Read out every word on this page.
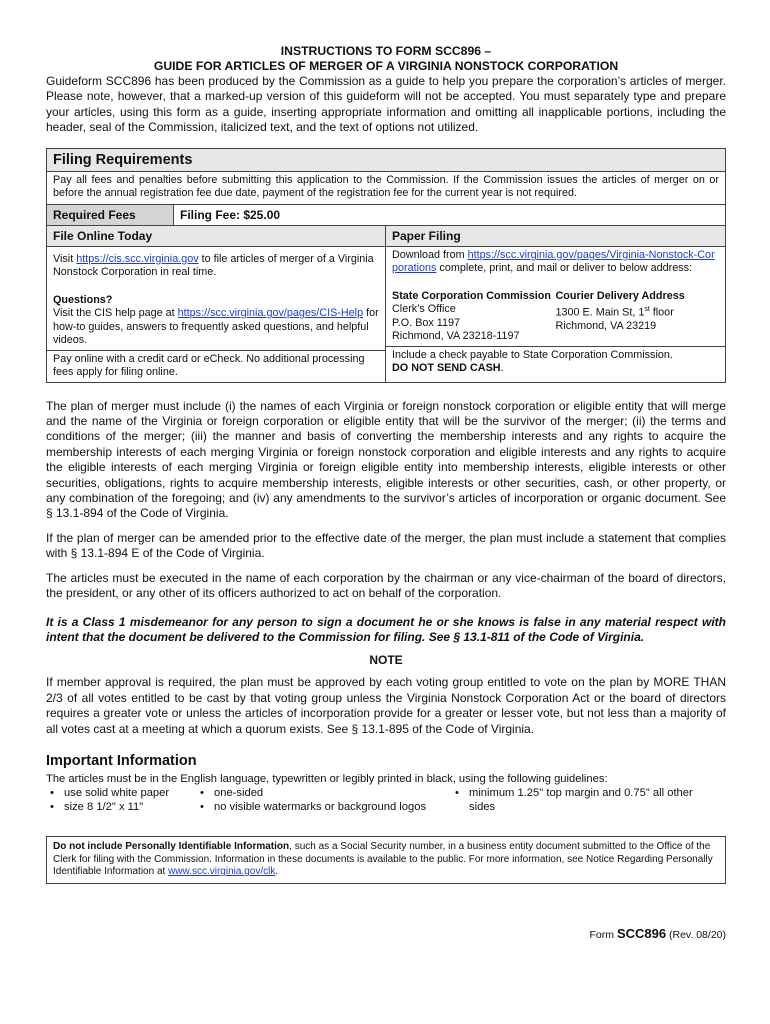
INSTRUCTIONS TO FORM SCC896 –
GUIDE FOR ARTICLES OF MERGER OF A VIRGINIA NONSTOCK CORPORATION

Guideform SCC896 has been produced by the Commission as a guide to help you prepare the corporation’s articles of merger. Please note, however, that a marked-up version of this guideform will not be accepted. You must separately type and prepare your articles, using this form as a guide, inserting appropriate information and omitting all inapplicable portions, including the header, seal of the Commission, italicized text, and the text of options not utilized.

Filing Requirements
Pay all fees and penalties before submitting this application to the Commission. If the Commission issues the articles of merger on or before the annual registration fee due date, payment of the registration fee for the current year is not required.
Required Fees	Filing Fee: $25.00
File Online Today
Visit https://cis.scc.virginia.gov to file articles of merger of a Virginia Nonstock Corporation in real time.
Questions?
Visit the CIS help page at https://scc.virginia.gov/pages/CIS-Help for how-to guides, answers to frequently asked questions, and helpful videos.
Pay online with a credit card or eCheck. No additional processing fees apply for filing online.
Paper Filing
Download from https://scc.virginia.gov/pages/Virginia-Nonstock-Corporations complete, print, and mail or deliver to below address:
State Corporation Commission
Clerk’s Office
P.O. Box 1197
Richmond, VA 23218-1197
Courier Delivery Address
1300 E. Main St, 1st floor
Richmond, VA 23219
Include a check payable to State Corporation Commission.
DO NOT SEND CASH.

The plan of merger must include (i) the names of each Virginia or foreign nonstock corporation or eligible entity that will merge and the name of the Virginia or foreign corporation or eligible entity that will be the survivor of the merger; (ii) the terms and conditions of the merger; (iii) the manner and basis of converting the membership interests and any rights to acquire the membership interests of each merging Virginia or foreign nonstock corporation and eligible interests and any rights to acquire the eligible interests of each merging Virginia or foreign eligible entity into membership interests, eligible interests or other securities, obligations, rights to acquire membership interests, eligible interests or other securities, cash, or other property, or any combination of the foregoing; and (iv) any amendments to the survivor’s articles of incorporation or organic document. See § 13.1-894 of the Code of Virginia.

If the plan of merger can be amended prior to the effective date of the merger, the plan must include a statement that complies with § 13.1-894 E of the Code of Virginia.

The articles must be executed in the name of each corporation by the chairman or any vice-chairman of the board of directors, the president, or any other of its officers authorized to act on behalf of the corporation.

It is a Class 1 misdemeanor for any person to sign a document he or she knows is false in any material respect with intent that the document be delivered to the Commission for filing. See § 13.1-811 of the Code of Virginia.

NOTE

If member approval is required, the plan must be approved by each voting group entitled to vote on the plan by MORE THAN 2/3 of all votes entitled to be cast by that voting group unless the Virginia Nonstock Corporation Act or the board of directors requires a greater vote or unless the articles of incorporation provide for a greater or lesser vote, but not less than a majority of all votes cast at a meeting at which a quorum exists. See § 13.1-895 of the Code of Virginia.

Important Information
The articles must be in the English language, typewritten or legibly printed in black, using the following guidelines:
• use solid white paper
• size 8 1/2" x 11"
• one-sided
• no visible watermarks or background logos
• minimum 1.25" top margin and 0.75" all other sides
Do not include Personally Identifiable Information, such as a Social Security number, in a business entity document submitted to the Office of the Clerk for filing with the Commission. Information in these documents is available to the public. For more information, see Notice Regarding Personally Identifiable Information at www.scc.virginia.gov/clk.
Form SCC896 (Rev. 08/20)
